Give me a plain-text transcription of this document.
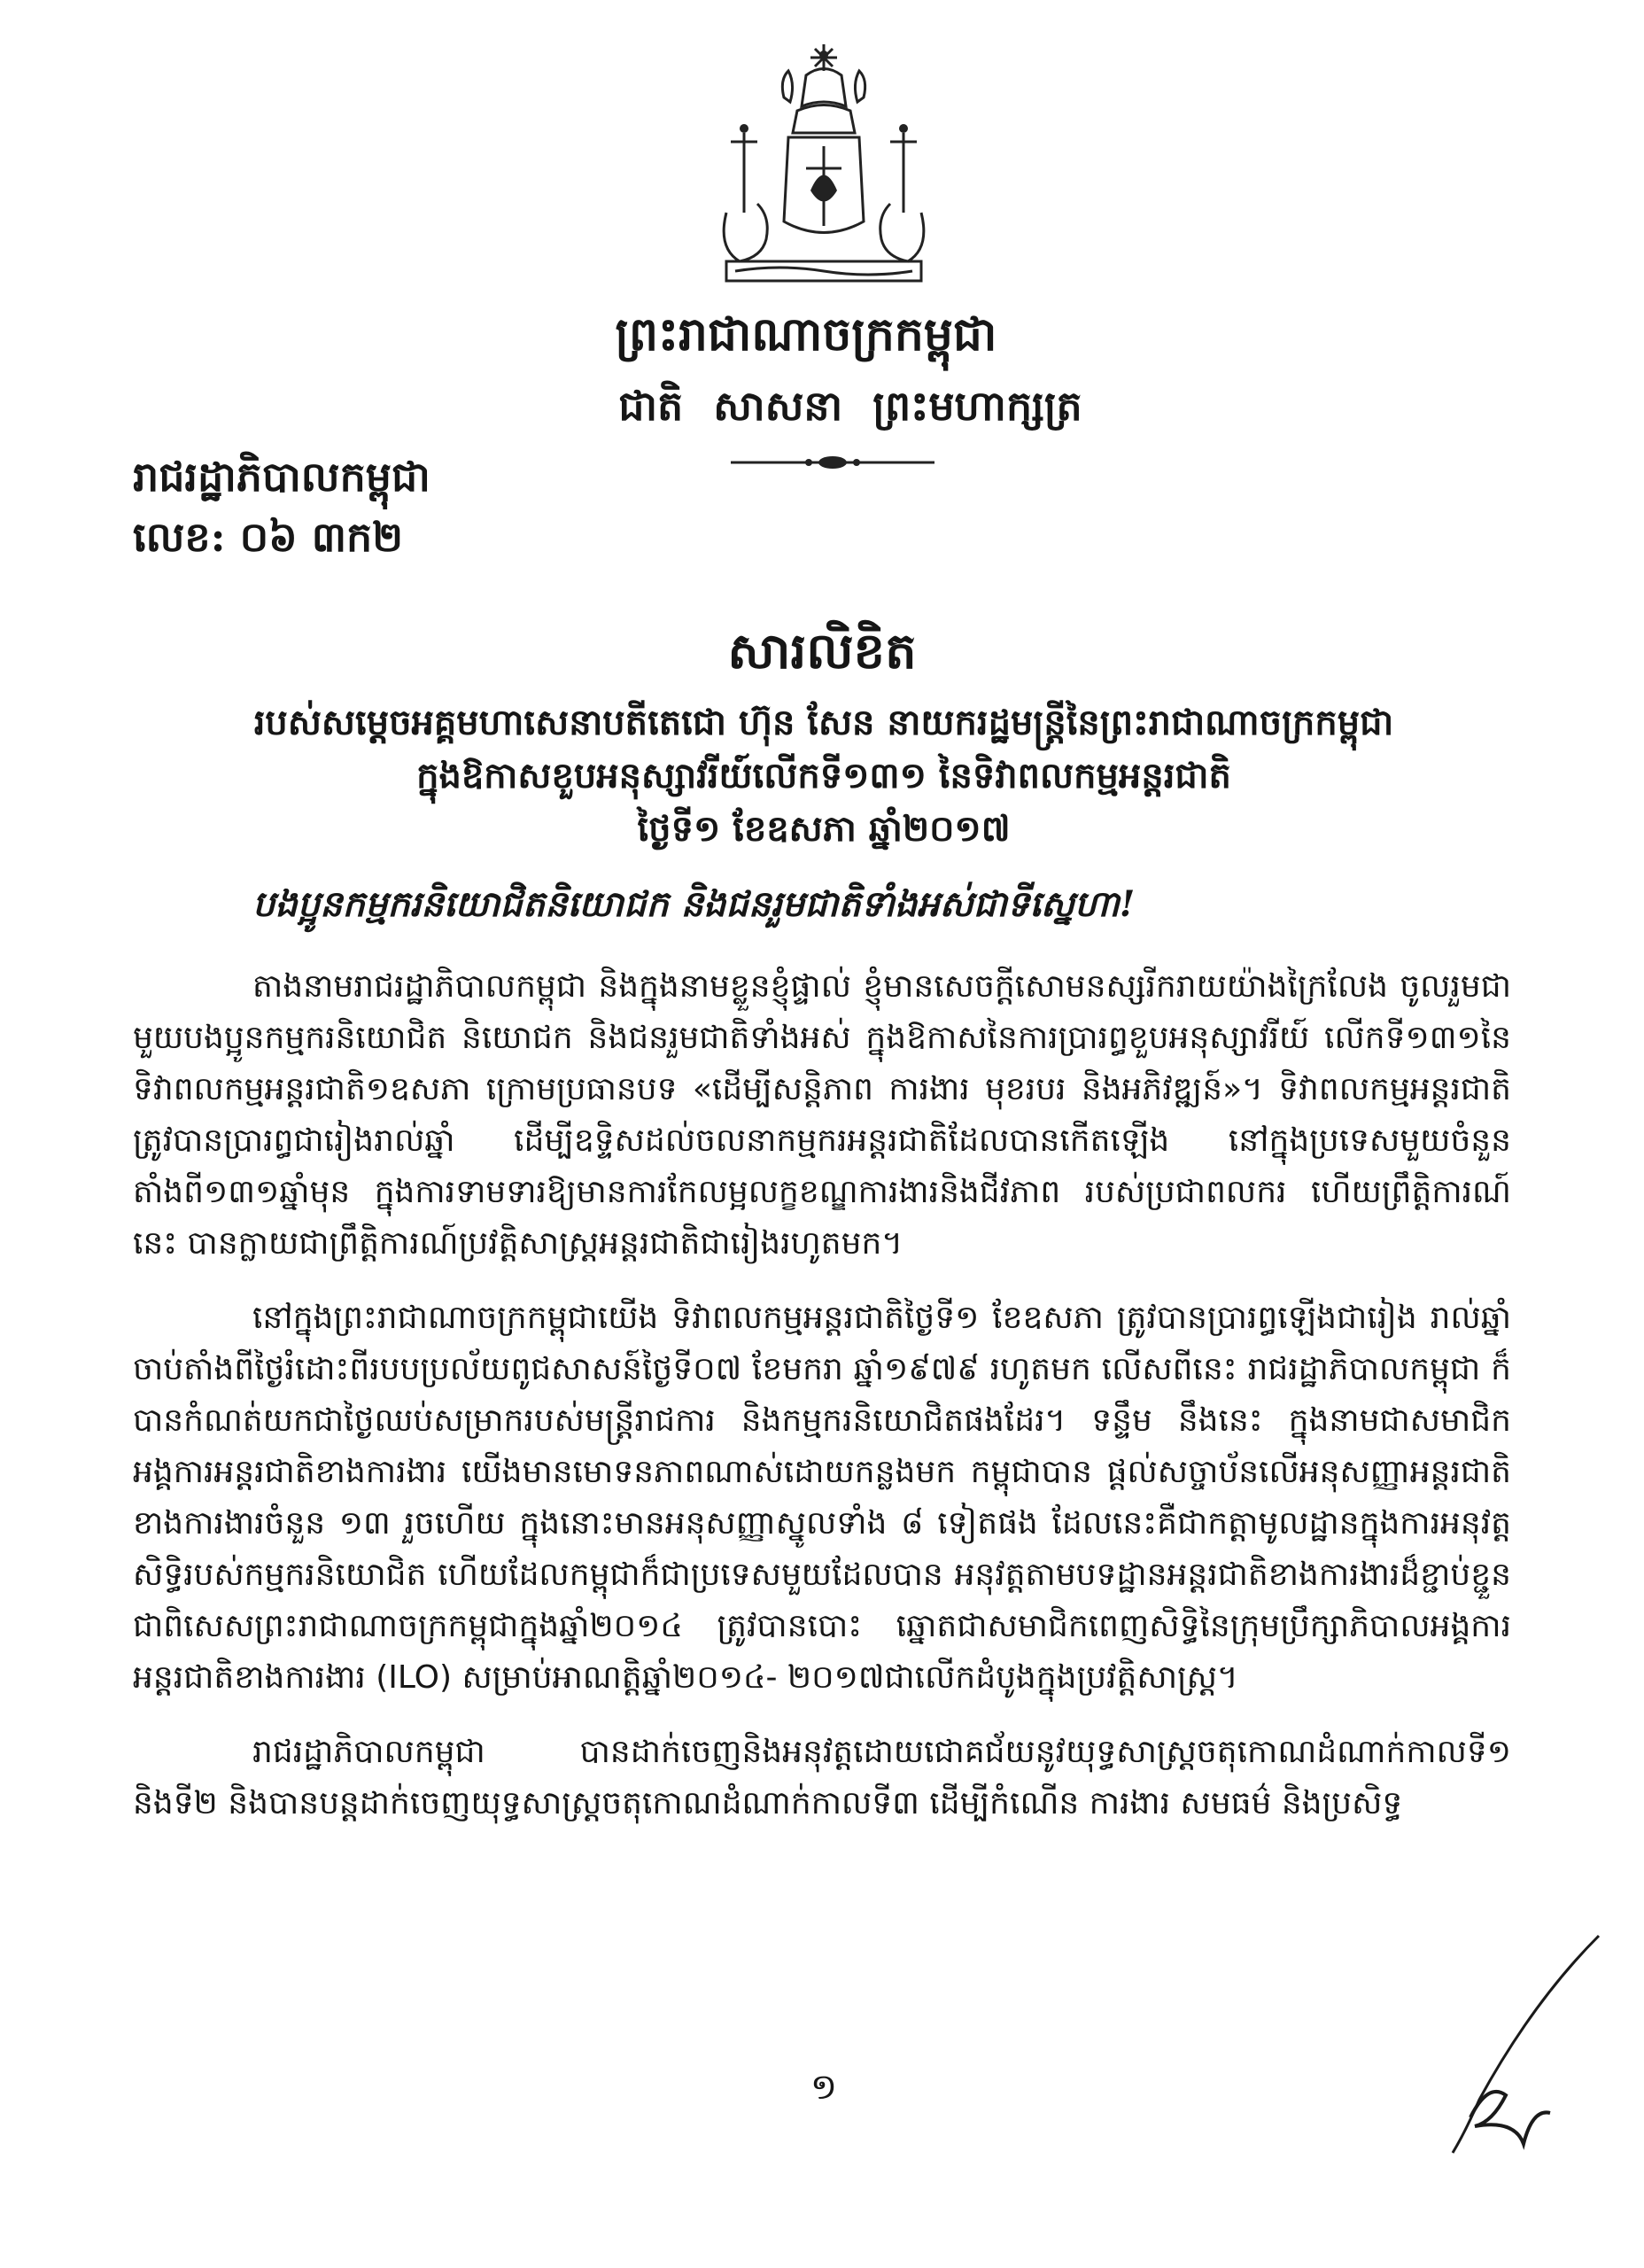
ព្រះរាជាណាចក្រកម្ពុជា
ជាតិ សាសនា ព្រះមហាក្សត្រ
រាជរដ្ឋាភិបាលកម្ពុជា
លេខ: ០៦ ៣ក២
សារលិខិត
របស់សម្តេចអគ្គមហាសេនាបតីតេជោ ហ៊ុន សែន នាយករដ្ឋមន្ត្រីនៃព្រះរាជាណាចក្រកម្ពុជា
ក្នុងឱកាសខួបអនុស្សាវរីយ៍លើកទី១៣១ នៃទិវាពលកម្មអន្តរជាតិ
ថ្ងៃទី១ ខែឧសភា ឆ្នាំ២០១៧
បងប្អូនកម្មករនិយោជិតនិយោជក និងជនរួមជាតិទាំងអស់ជាទីស្នេហា!

តាងនាមរាជរដ្ឋាភិបាលកម្ពុជា និងក្នុងនាមខ្លួនខ្ញុំផ្ទាល់ ខ្ញុំមានសេចក្តីសោមនស្សរីករាយយ៉ាងក្រៃលែង ចូលរួមជាមួយបងប្អូនកម្មករនិយោជិត និយោជក និងជនរួមជាតិទាំងអស់ ក្នុងឱកាសនៃការប្រារព្ធខួបអនុស្សាវរីយ៍ លើកទី១៣១នៃទិវាពលកម្មអន្តរជាតិ១ឧសភា ក្រោមប្រធានបទ «ដើម្បីសន្តិភាព ការងារ មុខរបរ និងអភិវឌ្ឍន៍»។ ទិវាពលកម្មអន្តរជាតិ ត្រូវបានប្រារព្ធជារៀងរាល់ឆ្នាំ ដើម្បីឧទ្ទិសដល់ចលនាកម្មករអន្តរជាតិដែលបានកើតឡើង នៅក្នុងប្រទេសមួយចំនួនតាំងពី១៣១ឆ្នាំមុន ក្នុងការទាមទារឱ្យមានការកែលម្អលក្ខខណ្ឌការងារនិងជីវភាព របស់ប្រជាពលករ ហើយព្រឹត្តិការណ៍នេះ បានក្លាយជាព្រឹត្តិការណ៍ប្រវត្តិសាស្ត្រអន្តរជាតិជារៀងរហូតមក។

នៅក្នុងព្រះរាជាណាចក្រកម្ពុជាយើង ទិវាពលកម្មអន្តរជាតិថ្ងៃទី១ ខែឧសភា ត្រូវបានប្រារព្ធឡើងជារៀង រាល់ឆ្នាំចាប់តាំងពីថ្ងៃរំដោះពីរបបប្រល័យពូជសាសន៍ថ្ងៃទី០៧ ខែមករា ឆ្នាំ១៩៧៩ រហូតមក លើសពីនេះ រាជរដ្ឋាភិបាលកម្ពុជា ក៏បានកំណត់យកជាថ្ងៃឈប់សម្រាករបស់មន្ត្រីរាជការ និងកម្មករនិយោជិតផងដែរ។ ទន្ទឹម នឹងនេះ ក្នុងនាមជាសមាជិកអង្គការអន្តរជាតិខាងការងារ យើងមានមោទនភាពណាស់ដោយកន្លងមក កម្ពុជាបាន ផ្តល់សច្ចាប័នលើអនុសញ្ញាអន្តរជាតិខាងការងារចំនួន ១៣ រួចហើយ ក្នុងនោះមានអនុសញ្ញាស្នូលទាំង ៨ ទៀតផង ដែលនេះគឺជាកត្តាមូលដ្ឋានក្នុងការអនុវត្តសិទ្ធិរបស់កម្មករនិយោជិត ហើយដែលកម្ពុជាក៏ជាប្រទេសមួយដែលបាន អនុវត្តតាមបទដ្ឋានអន្តរជាតិខាងការងារដ៏ខ្ជាប់ខ្ជួន ជាពិសេសព្រះរាជាណាចក្រកម្ពុជាក្នុងឆ្នាំ២០១៤ ត្រូវបានបោះ ឆ្នោតជាសមាជិកពេញសិទ្ធិនៃក្រុមប្រឹក្សាភិបាលអង្គការអន្តរជាតិខាងការងារ (ILO) សម្រាប់អាណត្តិឆ្នាំ២០១៤- ២០១៧ជាលើកដំបូងក្នុងប្រវត្តិសាស្ត្រ។

រាជរដ្ឋាភិបាលកម្ពុជា បានដាក់ចេញនិងអនុវត្តដោយជោគជ័យនូវយុទ្ធសាស្ត្រចតុកោណដំណាក់កាលទី១ និងទី២ និងបានបន្តដាក់ចេញយុទ្ធសាស្ត្រចតុកោណដំណាក់កាលទី៣ ដើម្បីកំណើន ការងារ សមធម៌ និងប្រសិទ្ធ

១
